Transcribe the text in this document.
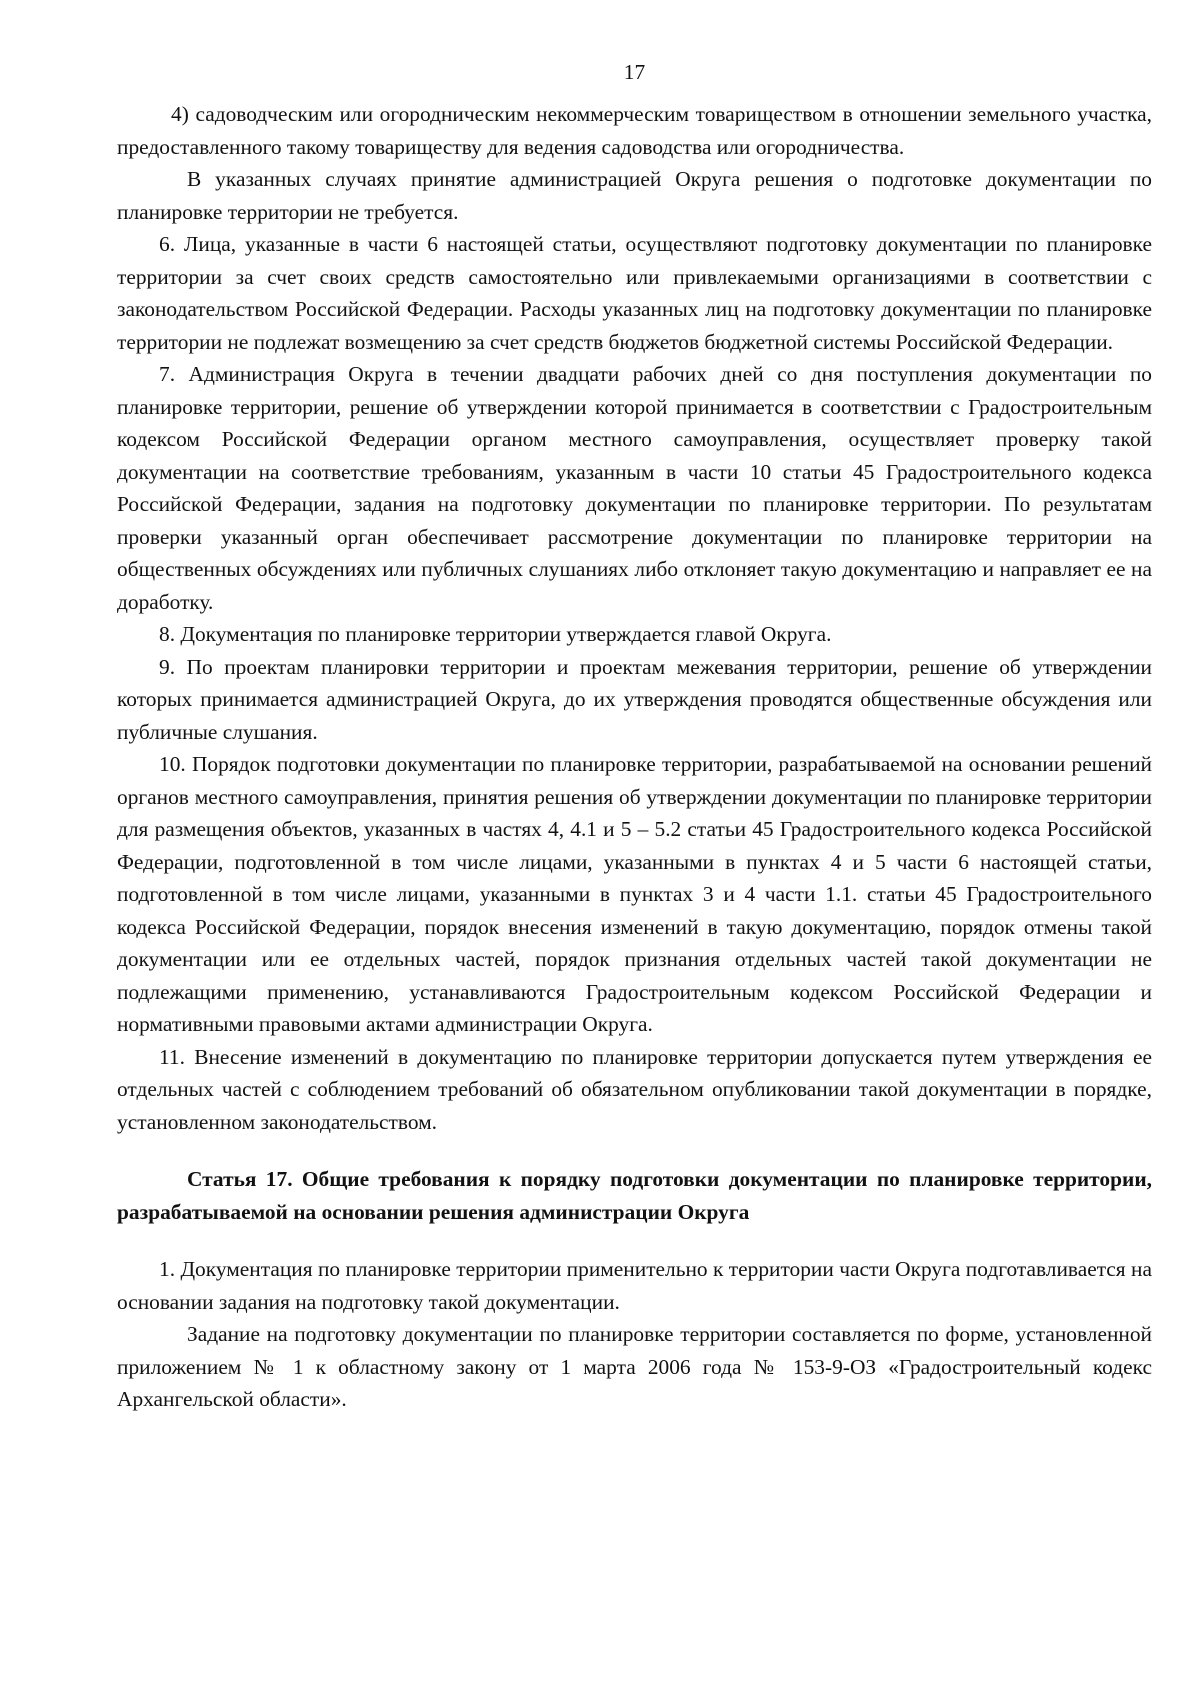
17

4) садоводческим или огородническим некоммерческим товариществом в отношении земельного участка, предоставленного такому товариществу для ведения садоводства или огородничества.

В указанных случаях принятие администрацией Округа решения о подготовке документации по планировке территории не требуется.

6. Лица, указанные в части 6 настоящей статьи, осуществляют подготовку документации по планировке территории за счет своих средств самостоятельно или привлекаемыми организациями в соответствии с законодательством Российской Федерации. Расходы указанных лиц на подготовку документации по планировке территории не подлежат возмещению за счет средств бюджетов бюджетной системы Российской Федерации.

7. Администрация Округа в течении двадцати рабочих дней со дня поступления документации по планировке территории, решение об утверждении которой принимается в соответствии с Градостроительным кодексом Российской Федерации органом местного самоуправления, осуществляет проверку такой документации на соответствие требованиям, указанным в части 10 статьи 45 Градостроительного кодекса Российской Федерации, задания на подготовку документации по планировке территории. По результатам проверки указанный орган обеспечивает рассмотрение документации по планировке территории на общественных обсуждениях или публичных слушаниях либо отклоняет такую документацию и направляет ее на доработку.

8. Документация по планировке территории утверждается главой Округа.

9. По проектам планировки территории и проектам межевания территории, решение об утверждении которых принимается администрацией Округа, до их утверждения проводятся общественные обсуждения или публичные слушания.

10. Порядок подготовки документации по планировке территории, разрабатываемой на основании решений органов местного самоуправления, принятия решения об утверждении документации по планировке территории для размещения объектов, указанных в частях 4, 4.1 и 5 – 5.2 статьи 45 Градостроительного кодекса Российской Федерации, подготовленной в том числе лицами, указанными в пунктах 4 и 5 части 6 настоящей статьи, подготовленной в том числе лицами, указанными в пунктах 3 и 4 части 1.1. статьи 45 Градостроительного кодекса Российской Федерации, порядок внесения изменений в такую документацию, порядок отмены такой документации или ее отдельных частей, порядок признания отдельных частей такой документации не подлежащими применению, устанавливаются Градостроительным кодексом Российской Федерации и нормативными правовыми актами администрации Округа.

11. Внесение изменений в документацию по планировке территории допускается путем утверждения ее отдельных частей с соблюдением требований об обязательном опубликовании такой документации в порядке, установленном законодательством.

Статья 17. Общие требования к порядку подготовки документации по планировке территории, разрабатываемой на основании решения администрации Округа

1. Документация по планировке территории применительно к территории части Округа подготавливается на основании задания на подготовку такой документации.

Задание на подготовку документации по планировке территории составляется по форме, установленной приложением № 1 к областному закону от 1 марта 2006 года № 153-9-ОЗ «Градостроительный кодекс Архангельской области».
